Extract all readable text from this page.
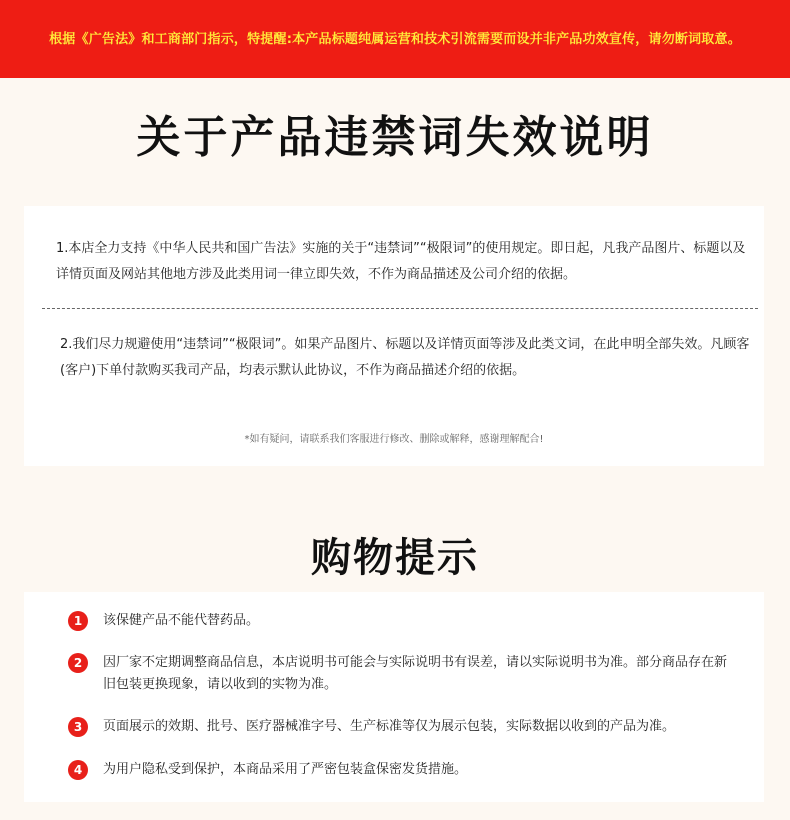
根据《广告法》和工商部门指示，特提醒:本产品标题纯属运营和技术引流需要而设并非产品功效宣传，请勿断词取意。
关于产品违禁词失效说明
1.本店全力支持《中华人民共和国广告法》实施的关于“违禁词”“极限词”的使用规定。即日起，凡我产品图片、标题以及详情页面及网站其他地方涉及此类用词一律立即失效，不作为商品描述及公司介绍的依据。
2.我们尽力规避使用“违禁词”“极限词”。如果产品图片、标题以及详情页面等涉及此类文词，在此申明全部失效。凡顾客(客户)下单付款购买我司产品，均表示默认此协议，不作为商品描述介绍的依据。
*如有疑问，请联系我们客服进行修改、删除或解释，感谢理解配合!
购物提示
1	该保健产品不能代替药品。
2	因厂家不定期调整商品信息，本店说明书可能会与实际说明书有误差，请以实际说明书为准。部分商品存在新旧包装更换现象，请以收到的实物为准。
3	页面展示的效期、批号、医疗器械准字号、生产标准等仅为展示包装，实际数据以收到的产品为准。
4	为用户隐私受到保护，本商品采用了严密包装盒保密发货措施。
